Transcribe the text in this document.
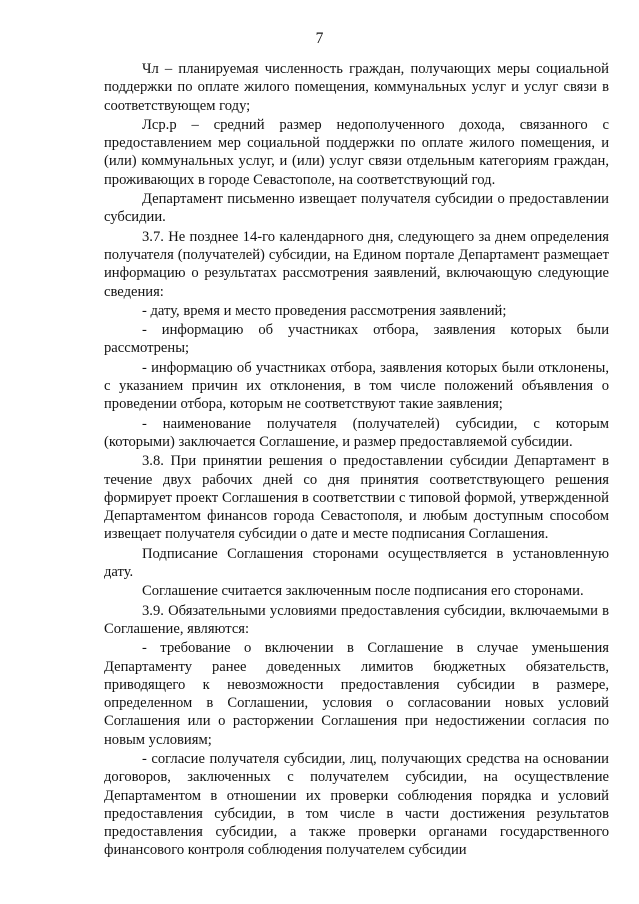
7

Чл – планируемая численность граждан, получающих меры социальной поддержки по оплате жилого помещения, коммунальных услуг и услуг связи в соответствующем году;

Лср.р – средний размер недополученного дохода, связанного с предоставлением мер социальной поддержки по оплате жилого помещения, и (или) коммунальных услуг, и (или) услуг связи отдельным категориям граждан, проживающих в городе Севастополе, на соответствующий год.

Департамент письменно извещает получателя субсидии о предоставлении субсидии.

3.7. Не позднее 14-го календарного дня, следующего за днем определения получателя (получателей) субсидии, на Едином портале Департамент размещает информацию о результатах рассмотрения заявлений, включающую следующие сведения:

- дату, время и место проведения рассмотрения заявлений;

- информацию об участниках отбора, заявления которых были рассмотрены;

- информацию об участниках отбора, заявления которых были отклонены, с указанием причин их отклонения, в том числе положений объявления о проведении отбора, которым не соответствуют такие заявления;

- наименование получателя (получателей) субсидии, с которым (которыми) заключается Соглашение, и размер предоставляемой субсидии.

3.8. При принятии решения о предоставлении субсидии Департамент в течение двух рабочих дней со дня принятия соответствующего решения формирует проект Соглашения в соответствии с типовой формой, утвержденной Департаментом финансов города Севастополя, и любым доступным способом извещает получателя субсидии о дате и месте подписания Соглашения.

Подписание Соглашения сторонами осуществляется в установленную дату.

Соглашение считается заключенным после подписания его сторонами.

3.9. Обязательными условиями предоставления субсидии, включаемыми в Соглашение, являются:

- требование о включении в Соглашение в случае уменьшения Департаменту ранее доведенных лимитов бюджетных обязательств, приводящего к невозможности предоставления субсидии в размере, определенном в Соглашении, условия о согласовании новых условий Соглашения или о расторжении Соглашения при недостижении согласия по новым условиям;

- согласие получателя субсидии, лиц, получающих средства на основании договоров, заключенных с получателем субсидии, на осуществление Департаментом в отношении их проверки соблюдения порядка и условий предоставления субсидии, в том числе в части достижения результатов предоставления субсидии, а также проверки органами государственного финансового контроля соблюдения получателем субсидии
